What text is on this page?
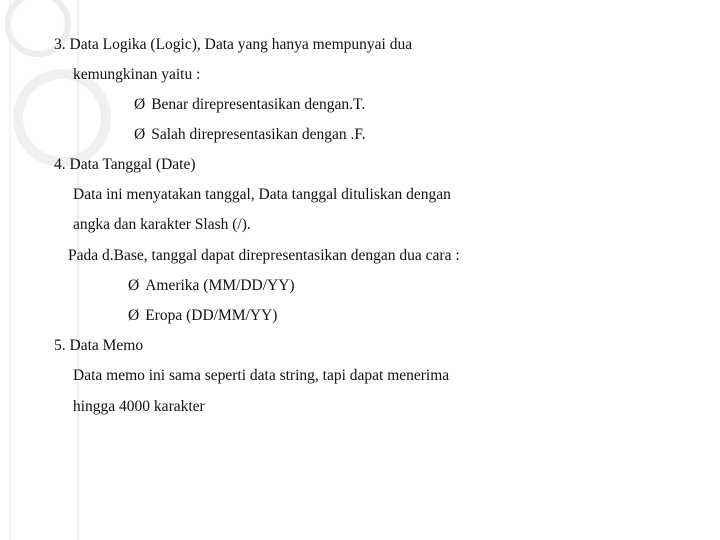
3. Data Logika (Logic), Data yang hanya mempunyai dua
kemungkinan yaitu :
Ø Benar direpresentasikan dengan.T.
Ø Salah direpresentasikan dengan .F.
4. Data Tanggal (Date)
Data ini menyatakan tanggal, Data tanggal dituliskan dengan
angka dan karakter Slash (/).
Pada d.Base, tanggal dapat direpresentasikan dengan dua cara :
Ø Amerika (MM/DD/YY)
Ø Eropa (DD/MM/YY)
5. Data Memo
Data memo ini sama seperti data string, tapi dapat menerima
hingga 4000 karakter
